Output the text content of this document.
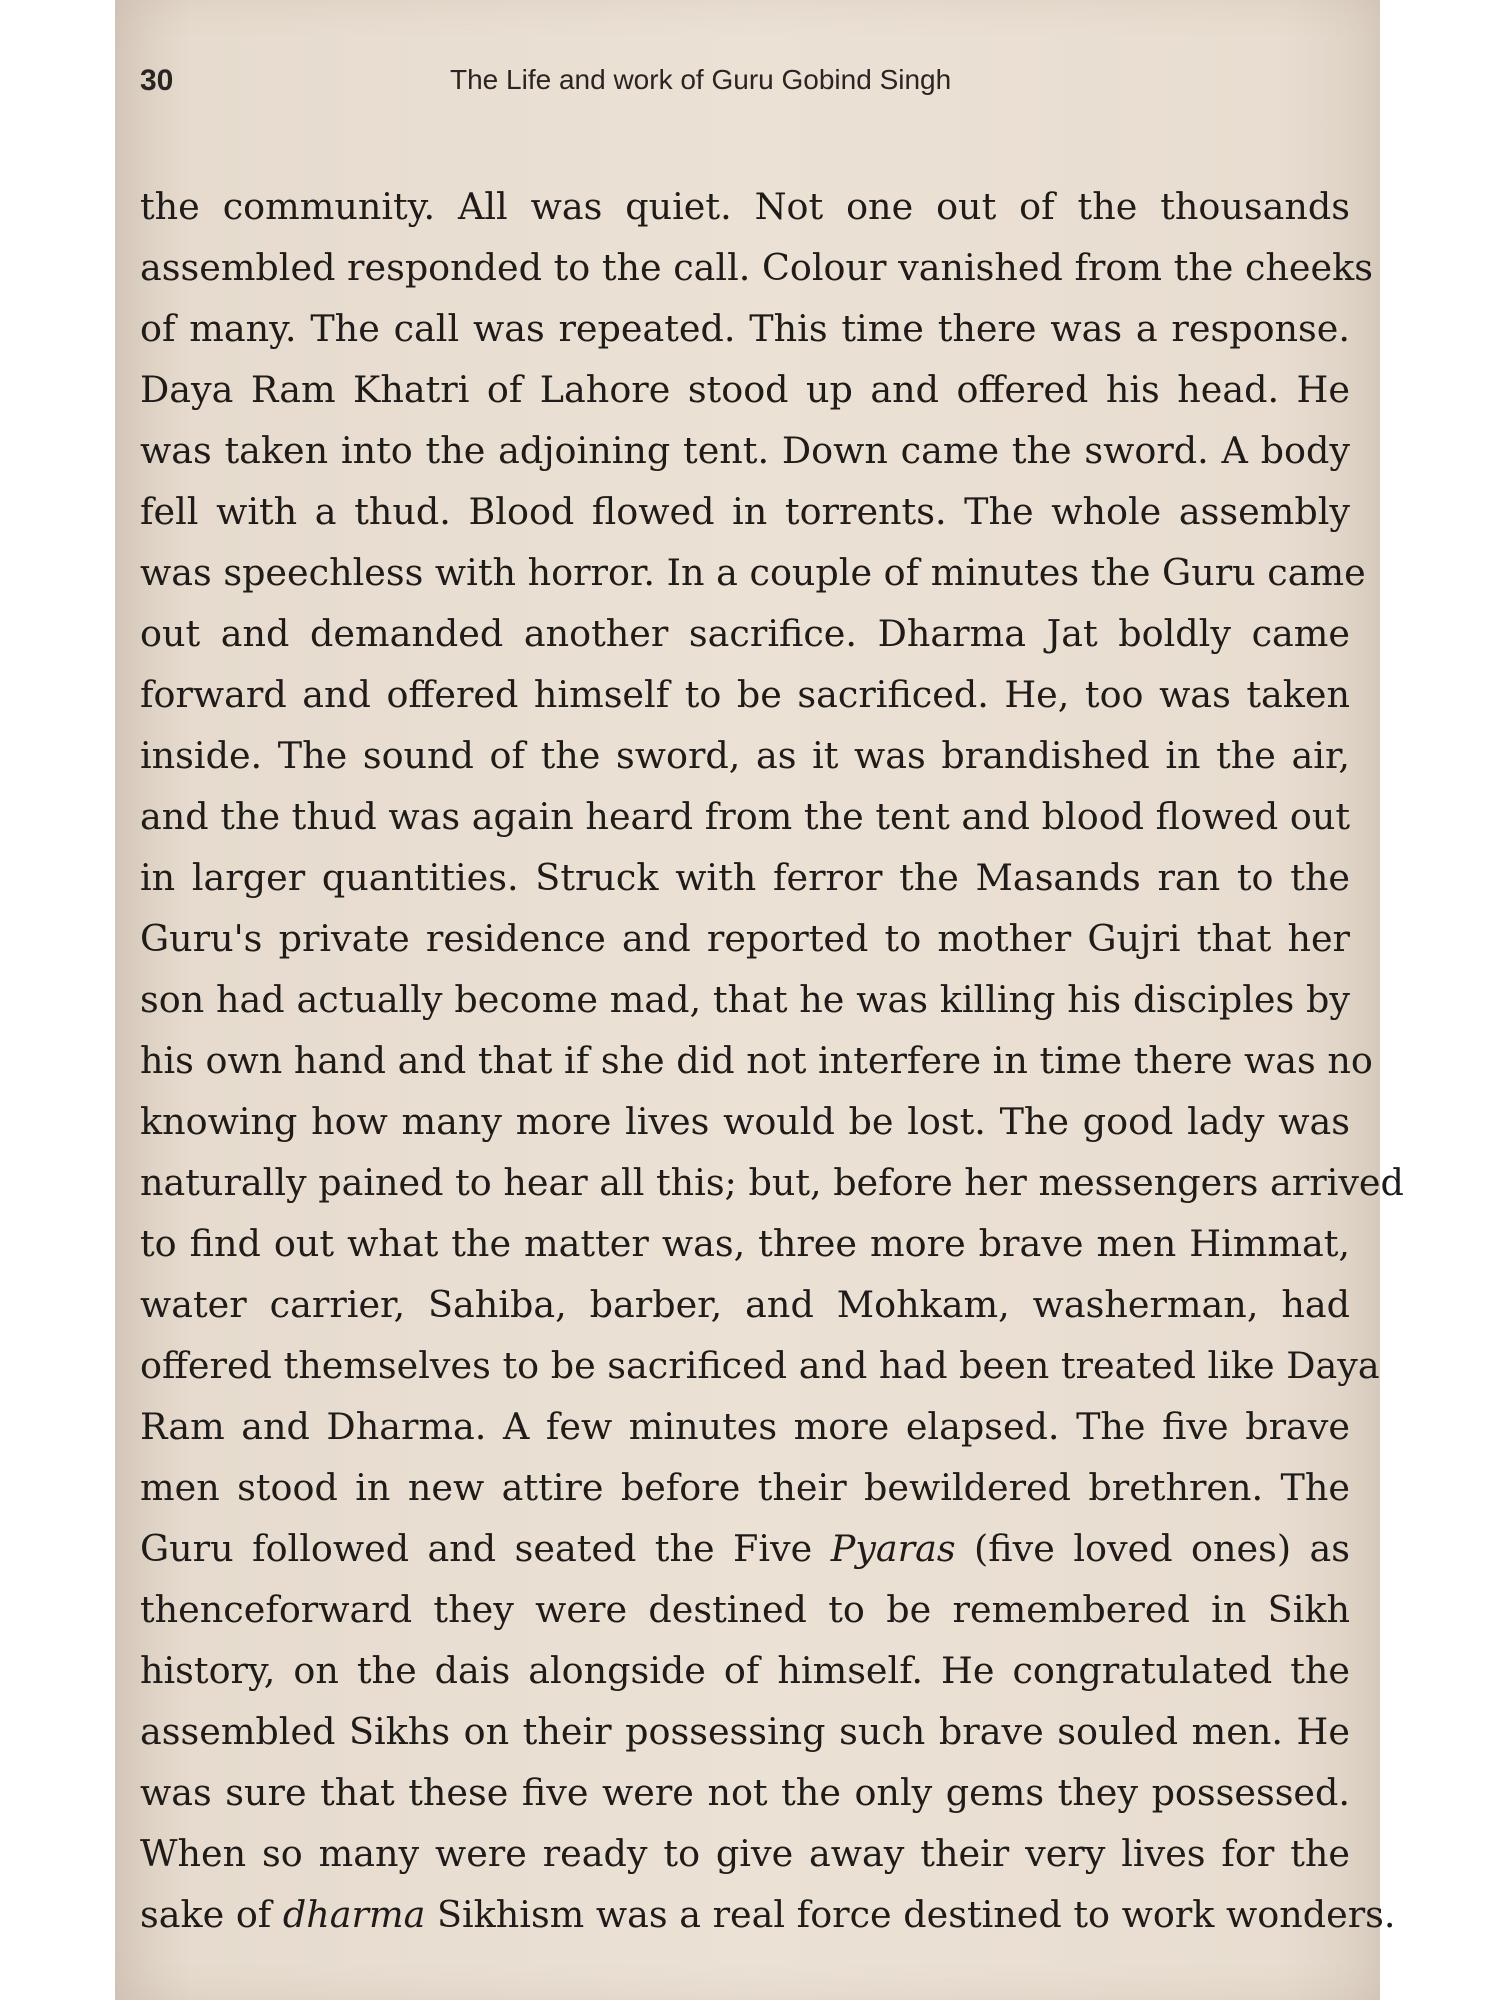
30	The Life and work of Guru Gobind Singh
the community. All was quiet. Not one out of the thousands
assembled responded to the call. Colour vanished from the cheeks
of many. The call was repeated. This time there was a response.
Daya Ram Khatri of Lahore stood up and offered his head. He
was taken into the adjoining tent. Down came the sword. A body
fell with a thud. Blood flowed in torrents. The whole assembly
was speechless with horror. In a couple of minutes the Guru came
out and demanded another sacrifice. Dharma Jat boldly came
forward and offered himself to be sacrificed. He, too was taken
inside. The sound of the sword, as it was brandished in the air,
and the thud was again heard from the tent and blood flowed out
in larger quantities. Struck with ferror the Masands ran to the
Guru's private residence and reported to mother Gujri that her
son had actually become mad, that he was killing his disciples by
his own hand and that if she did not interfere in time there was no
knowing how many more lives would be lost. The good lady was
naturally pained to hear all this; but, before her messengers arrived
to find out what the matter was, three more brave men Himmat,
water carrier, Sahiba, barber, and Mohkam, washerman, had
offered themselves to be sacrificed and had been treated like Daya
Ram and Dharma. A few minutes more elapsed. The five brave
men stood in new attire before their bewildered brethren. The
Guru followed and seated the Five Pyaras (five loved ones) as
thenceforward they were destined to be remembered in Sikh
history, on the dais alongside of himself. He congratulated the
assembled Sikhs on their possessing such brave souled men. He
was sure that these five were not the only gems they possessed.
When so many were ready to give away their very lives for the
sake of dharma Sikhism was a real force destined to work wonders.
